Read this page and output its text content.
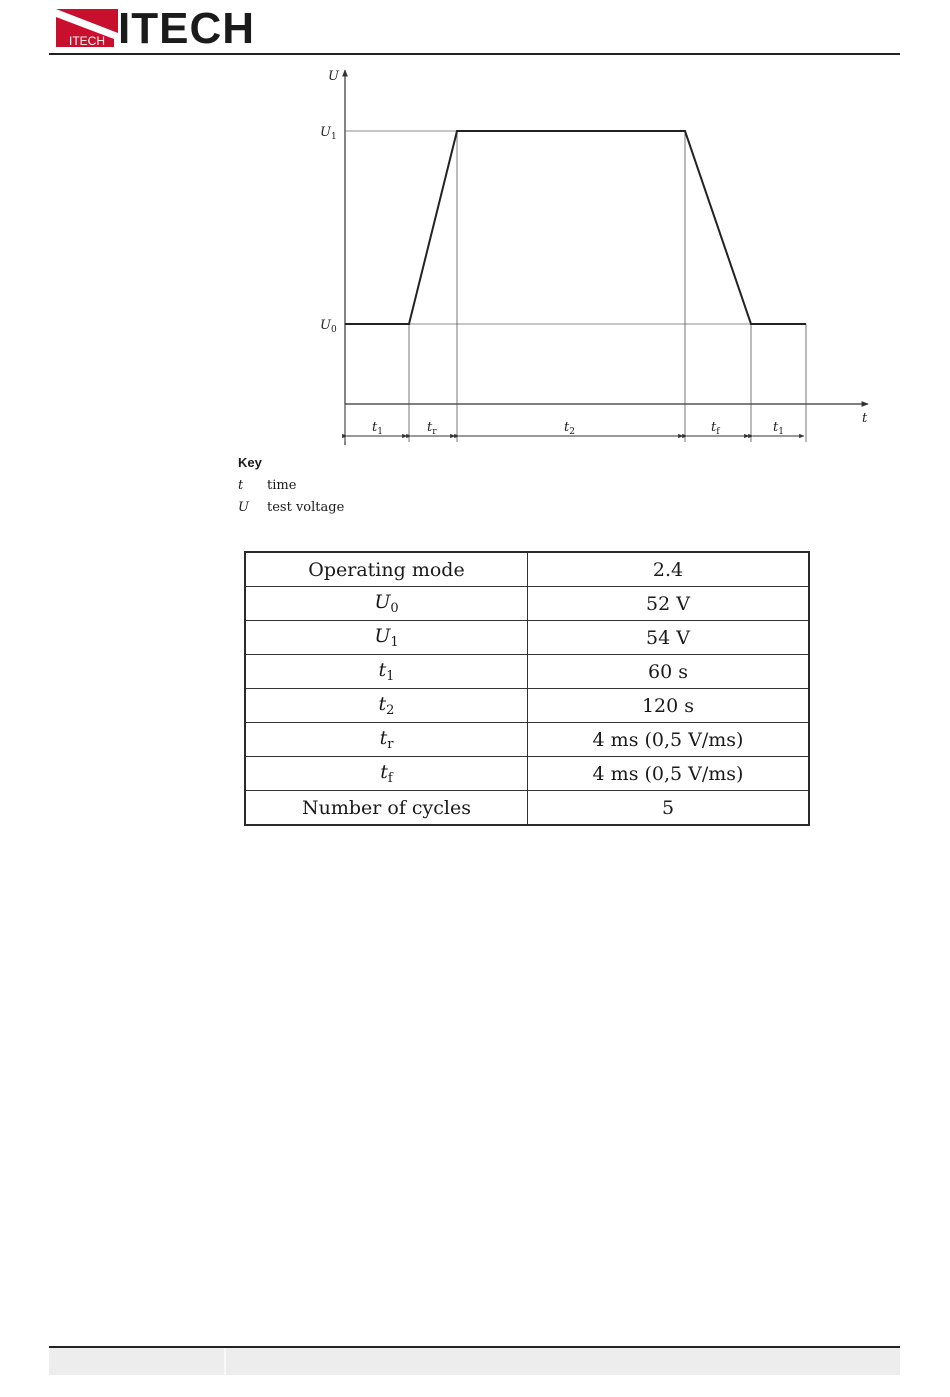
ITECH ITECH
U
t
$U_1$
$U_0$
$t_1$	$t_r$	$t_2$	$t_f$	$t_1$
Key
t time
U test voltage
Operating mode	2.4
$U_0$	52 V
$U_1$	54 V
$t_1$	60 s
$t_2$	120 s
$t_r$	4 ms (0,5 V/ms)
$t_f$	4 ms (0,5 V/ms)
Number of cycles	5
